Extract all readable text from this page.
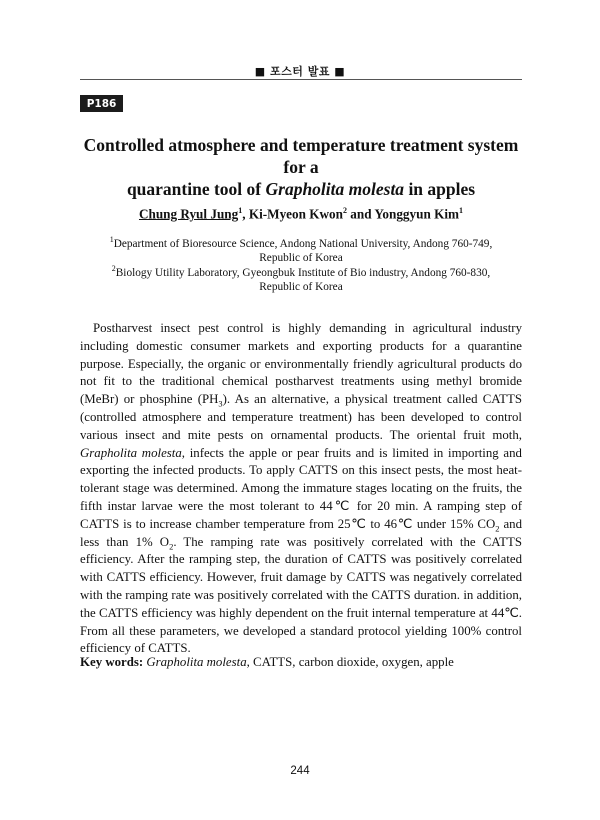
■ 포스터 발표 ■
P186
Controlled atmosphere and temperature treatment system for a
quarantine tool of Grapholita molesta in apples
Chung Ryul Jung$^1$, Ki-Myeon Kwon$^2$ and Yonggyun Kim$^1$
$^1$Department of Bioresource Science, Andong National University, Andong 760-749,
Republic of Korea
$^2$Biology Utility Laboratory, Gyeongbuk Institute of Bio industry, Andong 760-830,
Republic of Korea

Postharvest insect pest control is highly demanding in agricultural industry including domestic consumer markets and exporting products for a quarantine purpose. Especially, the organic or environmentally friendly agricultural products do not fit to the traditional chemical postharvest treatments using methyl bromide (MeBr) or phosphine $(PH_3)$. As an alternative, a physical treatment called CATTS (controlled atmosphere and temperature treatment) has been developed to control various insect and mite pests on ornamental products. The oriental fruit moth, Grapholita molesta, infects the apple or pear fruits and is limited in importing and exporting the infected products. To apply CATTS on this insect pests, the most heat-tolerant stage was determined. Among the immature stages locating on the fruits, the fifth instar larvae were the most tolerant to 44℃ for 20 min. A ramping step of CATTS is to increase chamber temperature from 25℃ to 46℃ under 15% $CO_2$ and less than 1% $O_2$. The ramping rate was positively correlated with the CATTS efficiency. After the ramping step, the duration of CATTS was positively correlated with CATTS efficiency. However, fruit damage by CATTS was negatively correlated with the ramping rate was positively correlated with the CATTS duration. in addition, the CATTS efficiency was highly dependent on the fruit internal temperature at 44℃. From all these parameters, we developed a standard protocol yielding 100% control efficiency of CATTS.

Key words: Grapholita molesta, CATTS, carbon dioxide, oxygen, apple
244
